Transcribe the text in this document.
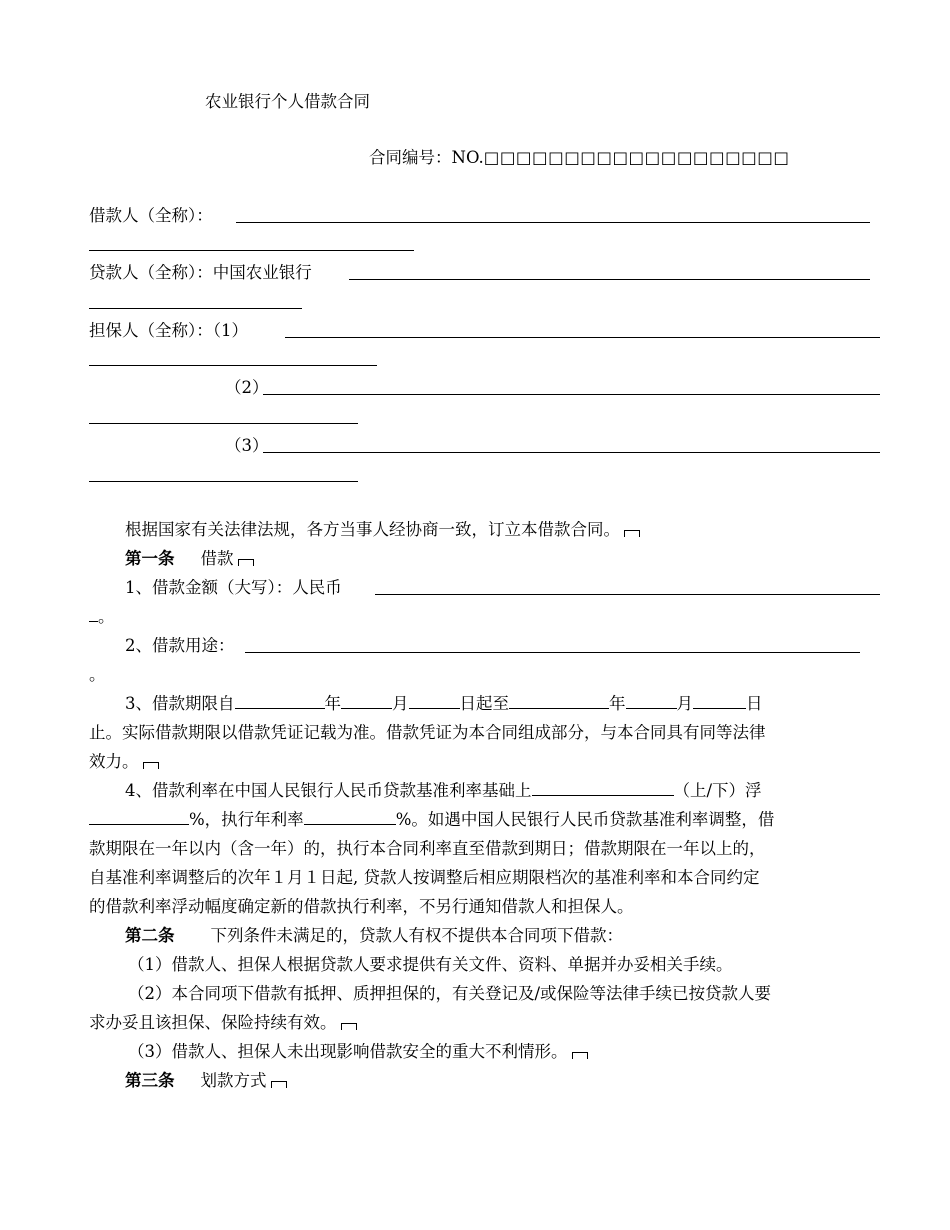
农业银行个人借款合同
合同编号：NO.□□□□□□□□□□□□□□□□□□□
借款人（全称）：
贷款人（全称）：中国农业银行
担保人（全称）：（1）
（2）
（3）
根据国家有关法律法规，各方当事人经协商一致，订立本借款合同。
第一条 借款
1、借款金额（大写）：人民币
。
2、借款用途：
。
3、借款期限自	年	月	日起至	年	月	日
止。实际借款期限以借款凭证记载为准。借款凭证为本合同组成部分，与本合同具有同等法律
效力。
4、借款利率在中国人民银行人民币贷款基准利率基础上	（上/下）浮
%，执行年利率	%。如遇中国人民银行人民币贷款基准利率调整，借
款期限在一年以内（含一年）的，执行本合同利率直至借款到期日；借款期限在一年以上的，
自基准利率调整后的次年１月１日起, 贷款人按调整后相应期限档次的基准利率和本合同约定
的借款利率浮动幅度确定新的借款执行利率，不另行通知借款人和担保人。
第二条 下列条件未满足的，贷款人有权不提供本合同项下借款：
（1）借款人、担保人根据贷款人要求提供有关文件、资料、单据并办妥相关手续。
（2）本合同项下借款有抵押、质押担保的，有关登记及/或保险等法律手续已按贷款人要
求办妥且该担保、保险持续有效。
（3）借款人、担保人未出现影响借款安全的重大不利情形。
第三条 划款方式
